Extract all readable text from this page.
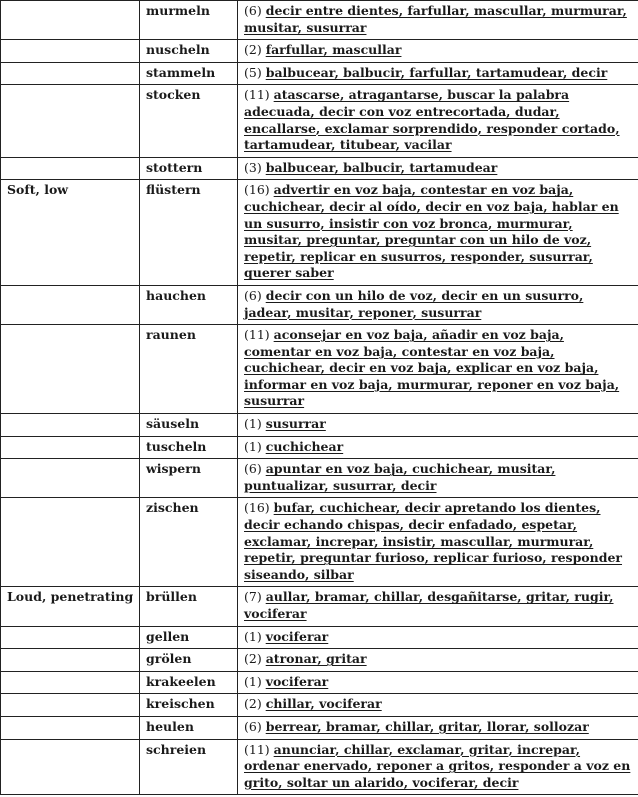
	murmeln	(6) decir entre dientes, farfullar, mascullar, murmurar, musitar, susurrar
	nuscheln	(2) farfullar, mascullar
	stammeln	(5) balbucear, balbucir, farfullar, tartamudear, decir
	stocken	(11) atascarse, atragantarse, buscar la palabra adecuada, decir con voz entrecortada, dudar, encallarse, exclamar sorprendido, responder cortado, tartamudear, titubear, vacilar
	stottern	(3) balbucear, balbucir, tartamudear
Soft, low	flüstern	(16) advertir en voz baja, contestar en voz baja, cuchichear, decir al oído, decir en voz baja, hablar en un susurro, insistir con voz bronca, murmurar, musitar, preguntar, preguntar con un hilo de voz, repetir, replicar en susurros, responder, susurrar, querer saber
	hauchen	(6) decir con un hilo de voz, decir en un susurro, jadear, musitar, reponer, susurrar
	raunen	(11) aconsejar en voz baja, añadir en voz baja, comentar en voz baja, contestar en voz baja, cuchichear, decir en voz baja, explicar en voz baja, informar en voz baja, murmurar, reponer en voz baja, susurrar
	säuseln	(1) susurrar
	tuscheln	(1) cuchichear
	wispern	(6) apuntar en voz baja, cuchichear, musitar, puntualizar, susurrar, decir
	zischen	(16) bufar, cuchichear, decir apretando los dientes, decir echando chispas, decir enfadado, espetar, exclamar, increpar, insistir, mascullar, murmurar, repetir, preguntar furioso, replicar furioso, responder siseando, silbar
Loud, penetrating	brüllen	(7) aullar, bramar, chillar, desgañitarse, gritar, rugir, vociferar
	gellen	(1) vociferar
	grölen	(2) atronar, gritar
	krakeelen	(1) vociferar
	kreischen	(2) chillar, vociferar
	heulen	(6) berrear, bramar, chillar, gritar, llorar, sollozar
	schreien	(11) anunciar, chillar, exclamar, gritar, increpar, ordenar enervado, reponer a gritos, responder a voz en grito, soltar un alarido, vociferar, decir
